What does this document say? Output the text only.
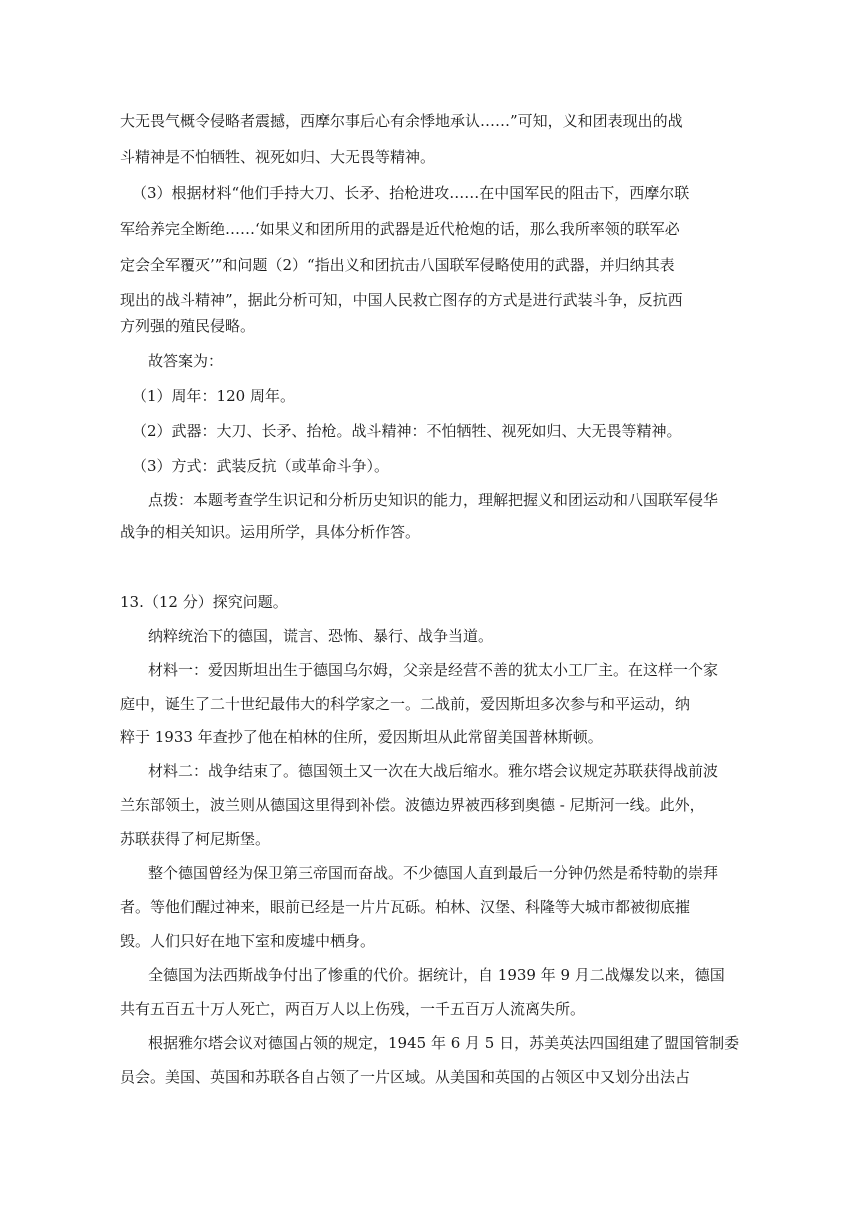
大无畏气概令侵略者震撼，西摩尔事后心有余悸地承认……”可知，义和团表现出的战
斗精神是不怕牺牲、视死如归、大无畏等精神。
（3）根据材料“他们手持大刀、长矛、抬枪进攻……在中国军民的阻击下，西摩尔联
军给养完全断绝……‘如果义和团所用的武器是近代枪炮的话，那么我所率领的联军必
定会全军覆灭’”和问题（2）“指出义和团抗击八国联军侵略使用的武器，并归纳其表
现出的战斗精神”，据此分析可知，中国人民救亡图存的方式是进行武装斗争，反抗西
方列强的殖民侵略。
故答案为：
（1）周年：120 周年。
（2）武器：大刀、长矛、抬枪。战斗精神：不怕牺牲、视死如归、大无畏等精神。
（3）方式：武装反抗（或革命斗争）。
点拨：本题考查学生识记和分析历史知识的能力，理解把握义和团运动和八国联军侵华
战争的相关知识。运用所学，具体分析作答。
13.（12 分）探究问题。
纳粹统治下的德国，谎言、恐怖、暴行、战争当道。
材料一：爱因斯坦出生于德国乌尔姆，父亲是经营不善的犹太小工厂主。在这样一个家
庭中，诞生了二十世纪最伟大的科学家之一。二战前，爱因斯坦多次参与和平运动，纳
粹于 1933 年查抄了他在柏林的住所，爱因斯坦从此常留美国普林斯顿。
材料二：战争结束了。德国领土又一次在大战后缩水。雅尔塔会议规定苏联获得战前波
兰东部领土，波兰则从德国这里得到补偿。波德边界被西移到奥德 - 尼斯河一线。此外，
苏联获得了柯尼斯堡。
整个德国曾经为保卫第三帝国而奋战。不少德国人直到最后一分钟仍然是希特勒的崇拜
者。等他们醒过神来，眼前已经是一片片瓦砾。柏林、汉堡、科隆等大城市都被彻底摧
毁。人们只好在地下室和废墟中栖身。
全德国为法西斯战争付出了惨重的代价。据统计，自 1939 年 9 月二战爆发以来，德国
共有五百五十万人死亡，两百万人以上伤残，一千五百万人流离失所。
根据雅尔塔会议对德国占领的规定，1945 年 6 月 5 日，苏美英法四国组建了盟国管制委
员会。美国、英国和苏联各自占领了一片区域。从美国和英国的占领区中又划分出法占
